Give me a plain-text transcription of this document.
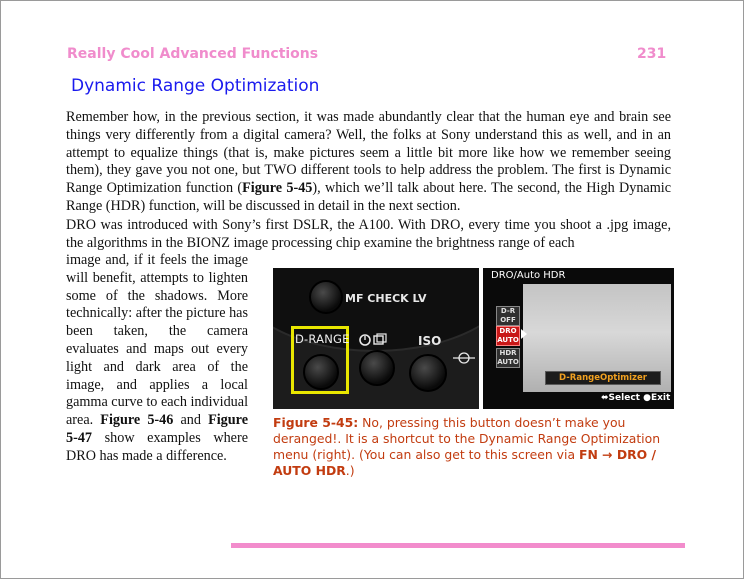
Really Cool Advanced Functions	231
Dynamic Range Optimization
Remember how, in the previous section, it was made abundantly clear that the human eye and brain see things very differently from a digital camera? Well, the folks at Sony understand this as well, and in an attempt to equalize things (that is, make pictures seem a little bit more like how we remember seeing them), they gave you not one, but TWO different tools to help address the problem. The first is Dynamic Range Optimization function (Figure 5-45), which we’ll talk about here. The second, the High Dynamic Range (HDR) function, will be discussed in detail in the next section.
DRO was introduced with Sony’s first DSLR, the A100. With DRO, every time you shoot a .jpg image, the algorithms in the BIONZ image processing chip examine the brightness range of each
image and, if it feels the image will benefit, attempts to lighten some of the shadows. More technically: after the picture has been taken, the camera evaluates and maps out every light and dark area of the image, and applies a local gamma curve to each individual area. Figure 5-46 and Figure 5-47 show examples where DRO has made a difference.
MF CHECK LV
D-RANGE	ISO
DRO/Auto HDR
D-R
OFF
DRO
AUTO
HDR
AUTO
D-RangeOptimizer
⬌Select ●Exit
Figure 5-45: No, pressing this button doesn’t make you deranged!. It is a shortcut to the Dynamic Range Optimization menu (right). (You can also get to this screen via FN → DRO / AUTO HDR.)
